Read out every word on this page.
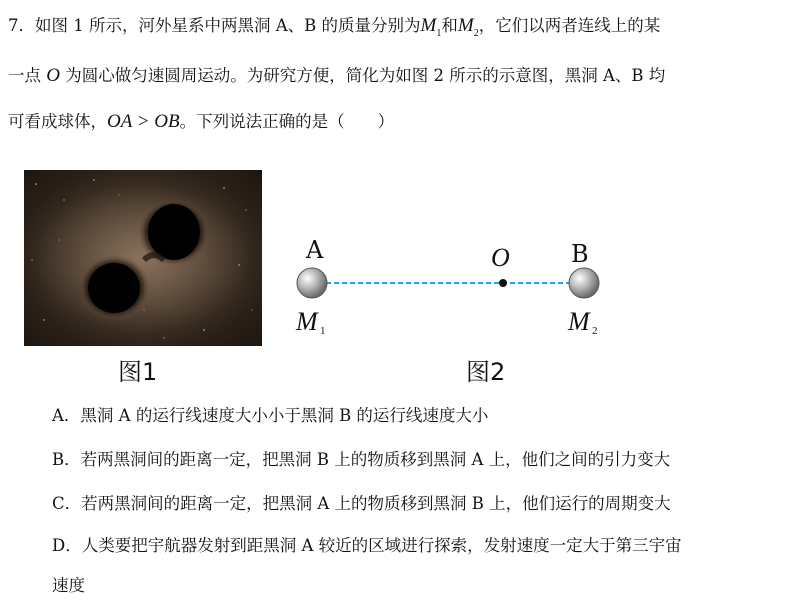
7．如图 1 所示，河外星系中两黑洞 A、B 的质量分别为$M_1$和$M_2$，它们以两者连线上的某
一点 O 为圆心做匀速圆周运动。为研究方便，简化为如图 2 所示的示意图，黑洞 A、B 均
可看成球体，OA > OB。下列说法正确的是（　　）
图1
A	B
O
M 1	M 2
图2
A．黑洞 A 的运行线速度大小小于黑洞 B 的运行线速度大小
B．若两黑洞间的距离一定，把黑洞 B 上的物质移到黑洞 A 上，他们之间的引力变大
C．若两黑洞间的距离一定，把黑洞 A 上的物质移到黑洞 B 上，他们运行的周期变大
D．人类要把宇航器发射到距黑洞 A 较近的区域进行探索，发射速度一定大于第三宇宙
速度
